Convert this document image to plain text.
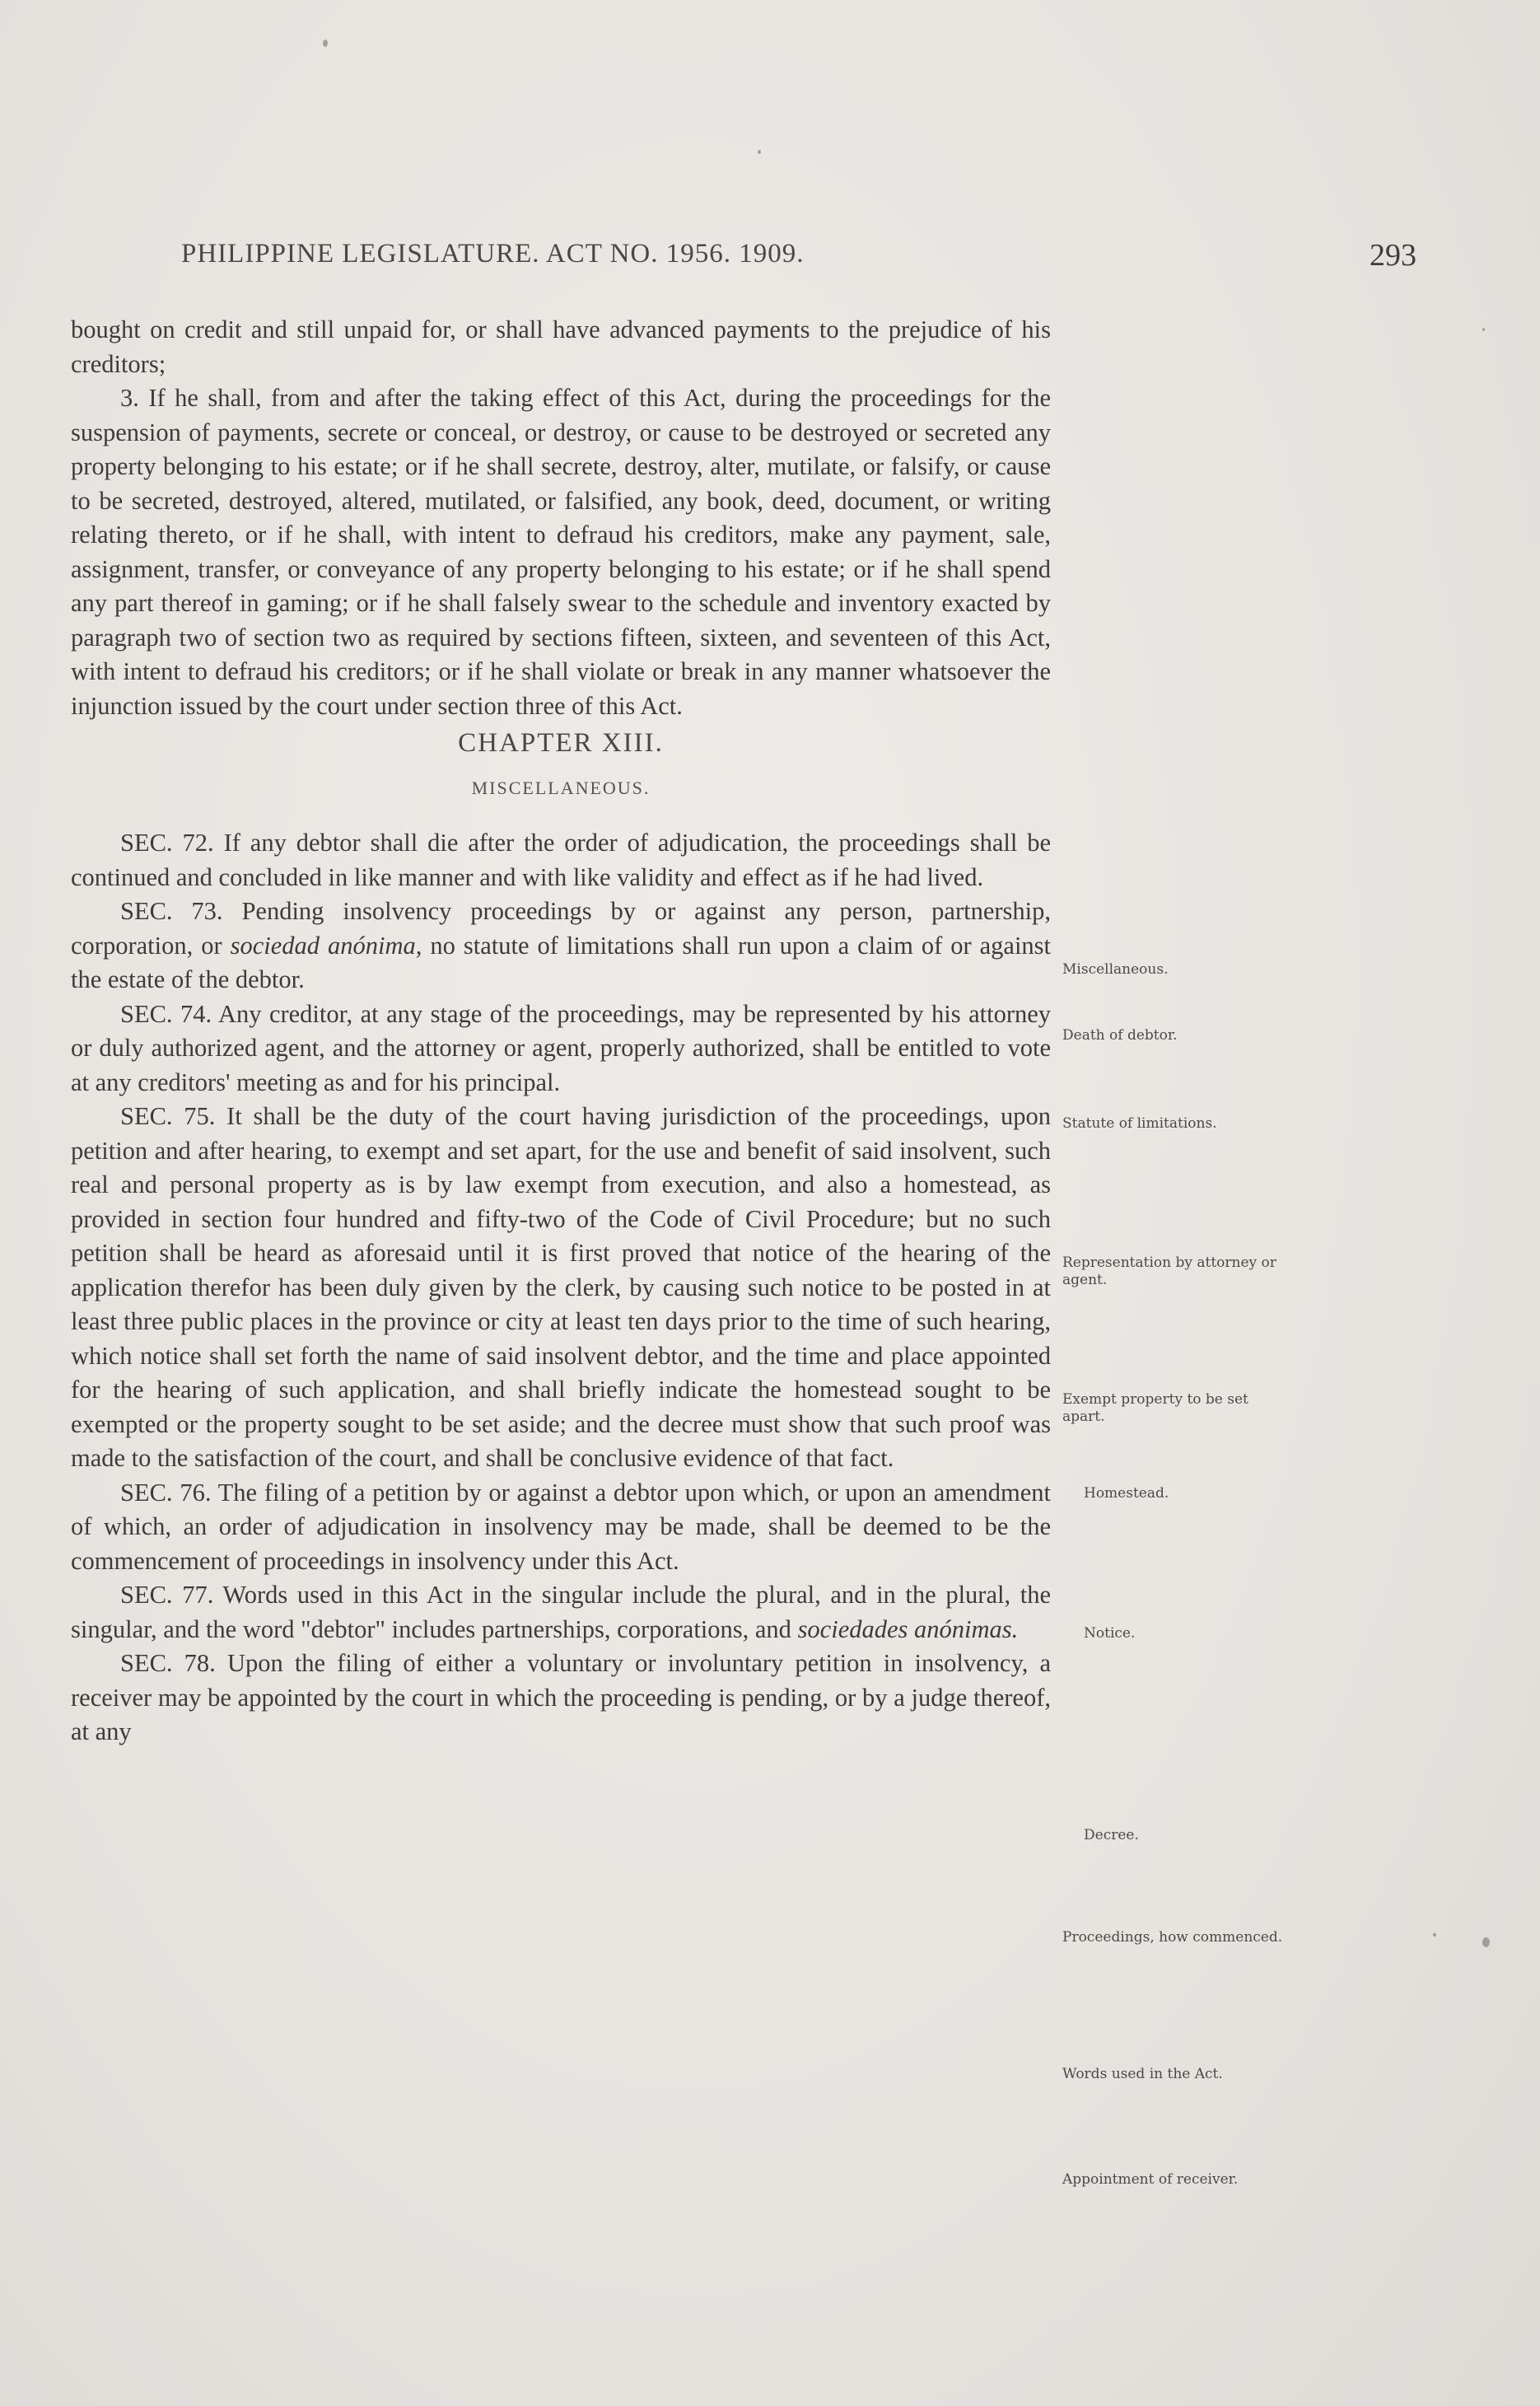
PHILIPPINE LEGISLATURE. ACT NO. 1956. 1909.	293

bought on credit and still unpaid for, or shall have advanced payments to the prejudice of his creditors;

3. If he shall, from and after the taking effect of this Act, during the proceedings for the suspension of payments, secrete or conceal, or destroy, or cause to be destroyed or secreted any property belonging to his estate; or if he shall secrete, destroy, alter, mutilate, or falsify, or cause to be secreted, destroyed, altered, mutilated, or falsified, any book, deed, document, or writing relating thereto, or if he shall, with intent to defraud his creditors, make any payment, sale, assignment, transfer, or conveyance of any property belonging to his estate; or if he shall spend any part thereof in gaming; or if he shall falsely swear to the schedule and inventory exacted by paragraph two of section two as required by sections fifteen, sixteen, and seventeen of this Act, with intent to defraud his creditors; or if he shall violate or break in any manner whatsoever the injunction issued by the court under section three of this Act.

CHAPTER XIII.

MISCELLANEOUS.

SEC. 72. If any debtor shall die after the order of adjudication, the proceedings shall be continued and concluded in like manner and with like validity and effect as if he had lived.

SEC. 73. Pending insolvency proceedings by or against any person, partnership, corporation, or sociedad anónima, no statute of limitations shall run upon a claim of or against the estate of the debtor.

SEC. 74. Any creditor, at any stage of the proceedings, may be represented by his attorney or duly authorized agent, and the attorney or agent, properly authorized, shall be entitled to vote at any creditors' meeting as and for his principal.

SEC. 75. It shall be the duty of the court having jurisdiction of the proceedings, upon petition and after hearing, to exempt and set apart, for the use and benefit of said insolvent, such real and personal property as is by law exempt from execution, and also a homestead, as provided in section four hundred and fifty-two of the Code of Civil Procedure; but no such petition shall be heard as aforesaid until it is first proved that notice of the hearing of the application therefor has been duly given by the clerk, by causing such notice to be posted in at least three public places in the province or city at least ten days prior to the time of such hearing, which notice shall set forth the name of said insolvent debtor, and the time and place appointed for the hearing of such application, and shall briefly indicate the homestead sought to be exempted or the property sought to be set aside; and the decree must show that such proof was made to the satisfaction of the court, and shall be conclusive evidence of that fact.

SEC. 76. The filing of a petition by or against a debtor upon which, or upon an amendment of which, an order of adjudication in insolvency may be made, shall be deemed to be the commencement of proceedings in insolvency under this Act.

SEC. 77. Words used in this Act in the singular include the plural, and in the plural, the singular, and the word "debtor" includes partnerships, corporations, and sociedades anónimas.

SEC. 78. Upon the filing of either a voluntary or involuntary petition in insolvency, a receiver may be appointed by the court in which the proceeding is pending, or by a judge thereof, at any

Miscellaneous.
Death of debtor.
Statute of limitations.
Representation by attorney or agent.
Exempt property to be set apart.
Homestead.
Notice.
Decree.
Proceedings, how commenced.
Words used in the Act.
Appointment of receiver.
